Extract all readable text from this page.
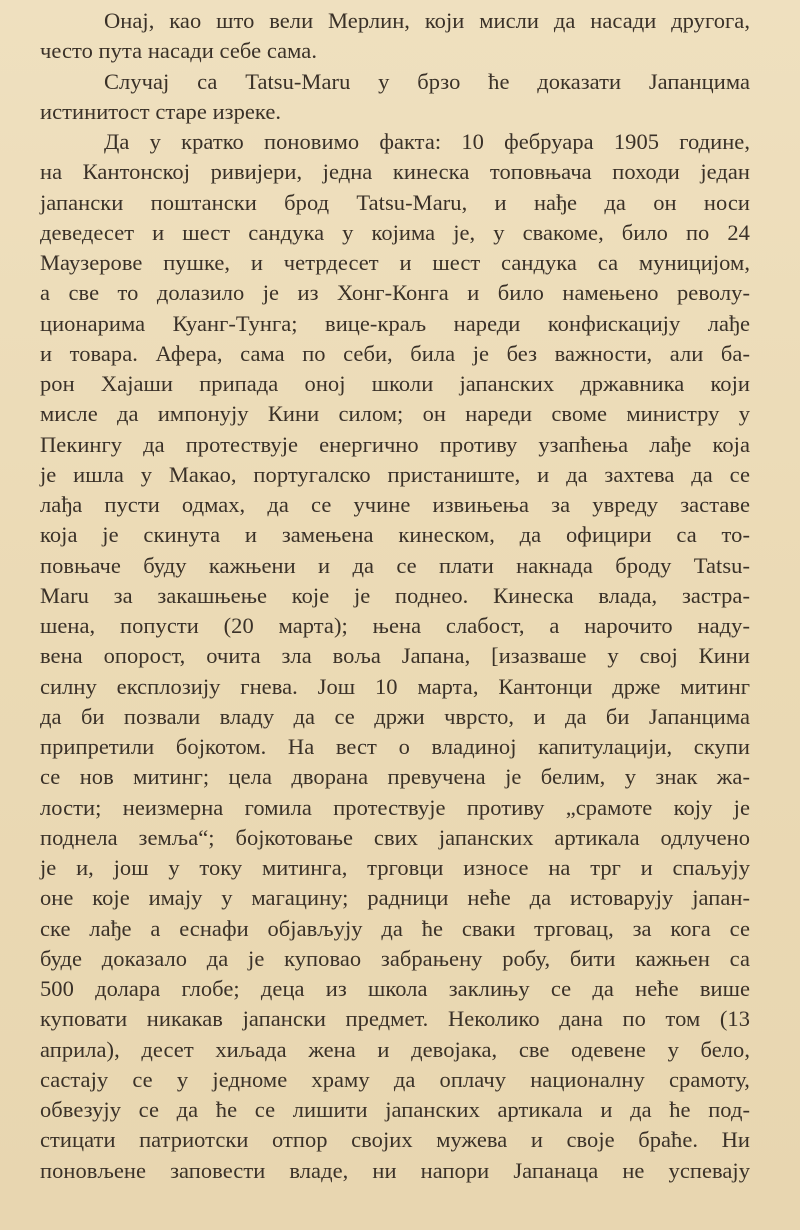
Онај, као што вели Мерлин, који мисли да насади другога,
често пута насади себе сама.
Случај са Tatsu-Maru у брзо ће доказати Јапанцима
истинитост старе изреке.
Да у кратко поновимо факта: 10 фебруара 1905 године,
на Кантонској ривијери, једна кинеска топовњача походи један
јапански поштански брод Tatsu-Maru, и нађе да он носи
деведесет и шест сандука у којима је, у свакоме, било по 24
Маузерове пушке, и четрдесет и шест сандука са муницијом,
а све то долазило је из Хонг-Конга и било намењено револу-
ционарима Куанг-Тунга; вице-краљ нареди конфискацију лађе
и товара. Афера, сама по себи, била је без важности, али ба-
рон Хајаши припада оној школи јапанских државника који
мисле да импонују Кини силом; он нареди своме министру у
Пекингу да протествује енергично противу узапћења лађе која
је ишла у Макао, португалско пристаниште, и да захтева да се
лађа пусти одмах, да се учине извињења за увреду заставе
која је скинута и замењена кинеском, да официри са то-
повњаче буду кажњени и да се плати накнада броду Tatsu-
Maru за закашњење које је поднео. Кинеска влада, застра-
шена, попусти (20 марта); њена слабост, а нарочито наду-
вена опорост, очита зла воља Јапана, [изазваше у свој Кини
силну експлозију гнева. Још 10 марта, Кантонци држе митинг
да би позвали владу да се држи чврсто, и да би Јапанцима
припретили бојкотом. На вест о владиној капитулацији, скупи
се нов митинг; цела дворана превучена је белим, у знак жа-
лости; неизмерна гомила протествује противу „срамоте коју је
поднела земља“; бојкотовање свих јапанских артикала одлучено
је и, још у току митинга, трговци износе на трг и спаљују
оне које имају у магацину; радници неће да истоварују јапан-
ске лађе а еснафи објављују да ће сваки трговац, за кога се
буде доказало да је куповао забрањену робу, бити кажњен са
500 долара глобе; деца из школа заклињу се да неће више
куповати никакав јапански предмет. Неколико дана по том (13
априла), десет хиљада жена и девојака, све одевене у бело,
састају се у једноме храму да оплачу националну срамоту,
обвезују се да ће се лишити јапанских артикала и да ће под-
стицати патриотски отпор својих мужева и своје браће. Ни
поновљене заповести владе, ни напори Јапанаца не успевају
